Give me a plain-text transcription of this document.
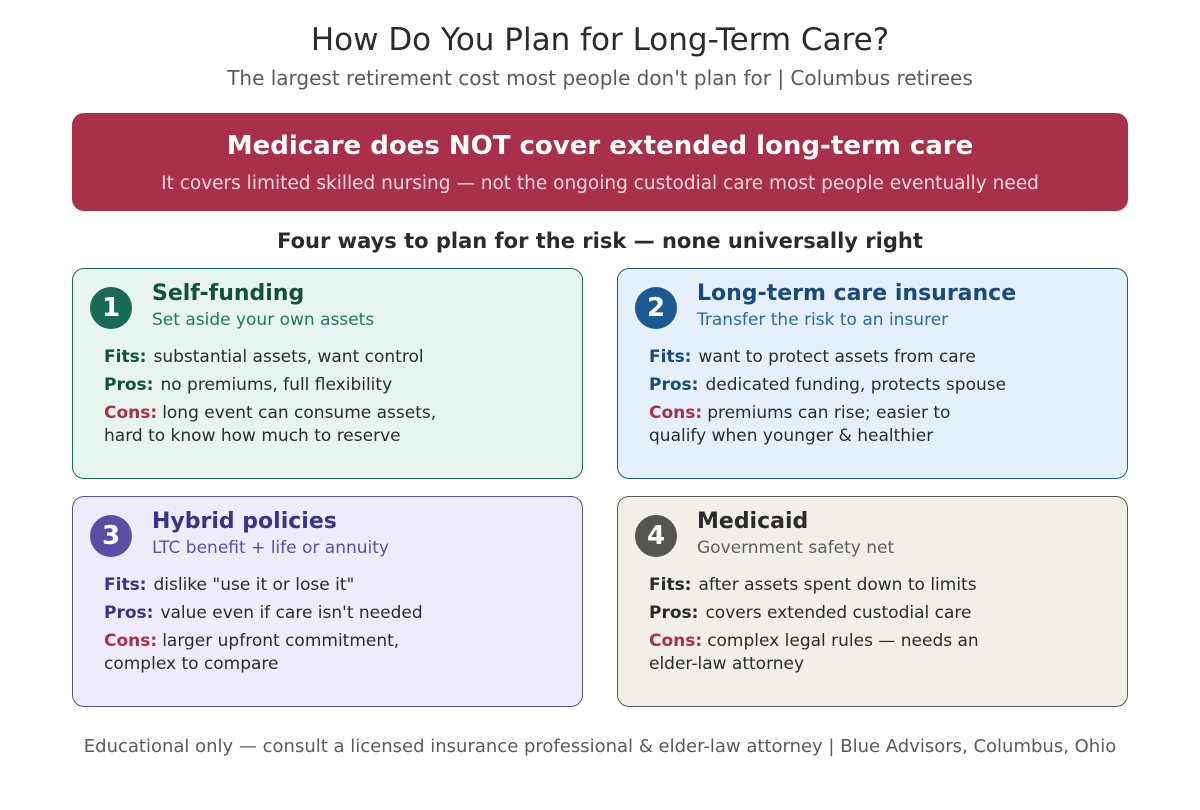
How Do You Plan for Long-Term Care?
The largest retirement cost most people don't plan for | Columbus retirees
Medicare does NOT cover extended long-term care
It covers limited skilled nursing — not the ongoing custodial care most people eventually need
Four ways to plan for the risk — none universally right
1	Self-funding
Set aside your own assets
Fits: substantial assets, want control
Pros: no premiums, full flexibility
Cons: long event can consume assets,
hard to know how much to reserve
2	Long-term care insurance
Transfer the risk to an insurer
Fits: want to protect assets from care
Pros: dedicated funding, protects spouse
Cons: premiums can rise; easier to
qualify when younger & healthier
3	Hybrid policies
LTC benefit + life or annuity
Fits: dislike "use it or lose it"
Pros: value even if care isn't needed
Cons: larger upfront commitment,
complex to compare
4	Medicaid
Government safety net
Fits: after assets spent down to limits
Pros: covers extended custodial care
Cons: complex legal rules — needs an
elder-law attorney
Educational only — consult a licensed insurance professional & elder-law attorney | Blue Advisors, Columbus, Ohio
